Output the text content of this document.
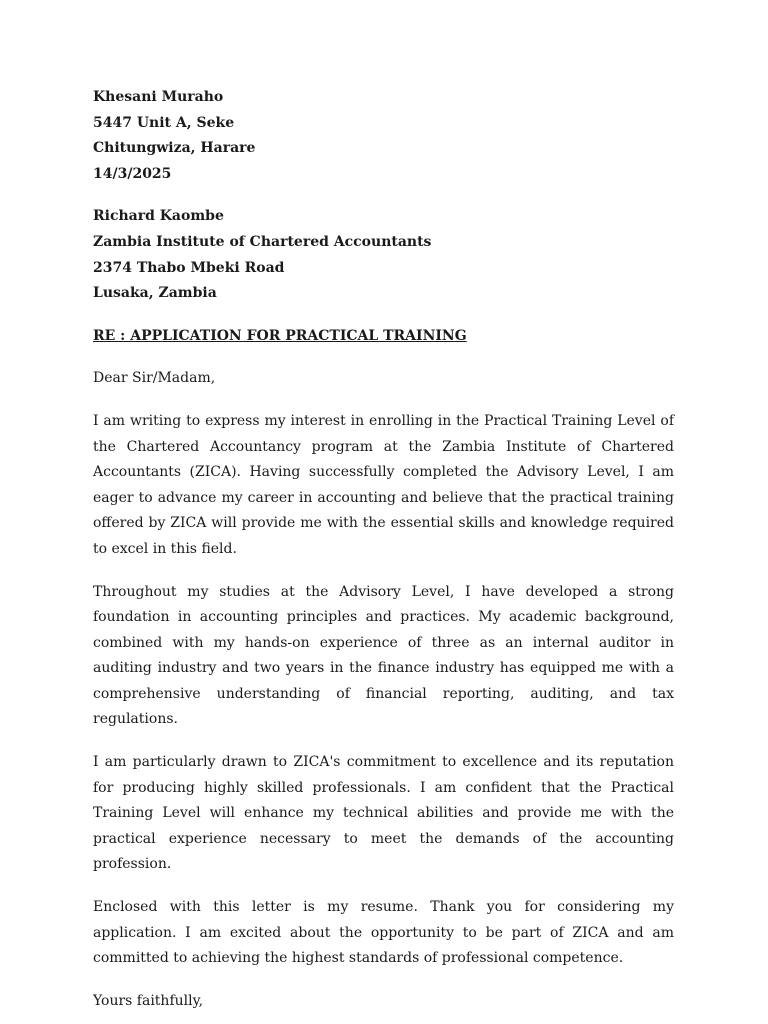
Khesani Muraho
5447 Unit A, Seke
Chitungwiza, Harare
14/3/2025
Richard Kaombe
Zambia Institute of Chartered Accountants
2374 Thabo Mbeki Road
Lusaka, Zambia
RE : APPLICATION FOR PRACTICAL TRAINING
Dear Sir/Madam,

I am writing to express my interest in enrolling in the Practical Training Level of the Chartered Accountancy program at the Zambia Institute of Chartered Accountants (ZICA). Having successfully completed the Advisory Level, I am eager to advance my career in accounting and believe that the practical training offered by ZICA will provide me with the essential skills and knowledge required to excel in this field.

Throughout my studies at the Advisory Level, I have developed a strong foundation in accounting principles and practices. My academic background, combined with my hands-on experience of three as an internal auditor in auditing industry and two years in the finance industry has equipped me with a comprehensive understanding of financial reporting, auditing, and tax regulations.

I am particularly drawn to ZICA's commitment to excellence and its reputation for producing highly skilled professionals. I am confident that the Practical Training Level will enhance my technical abilities and provide me with the practical experience necessary to meet the demands of the accounting profession.

Enclosed with this letter is my resume. Thank you for considering my application. I am excited about the opportunity to be part of ZICA and am committed to achieving the highest standards of professional competence.

Yours faithfully,
